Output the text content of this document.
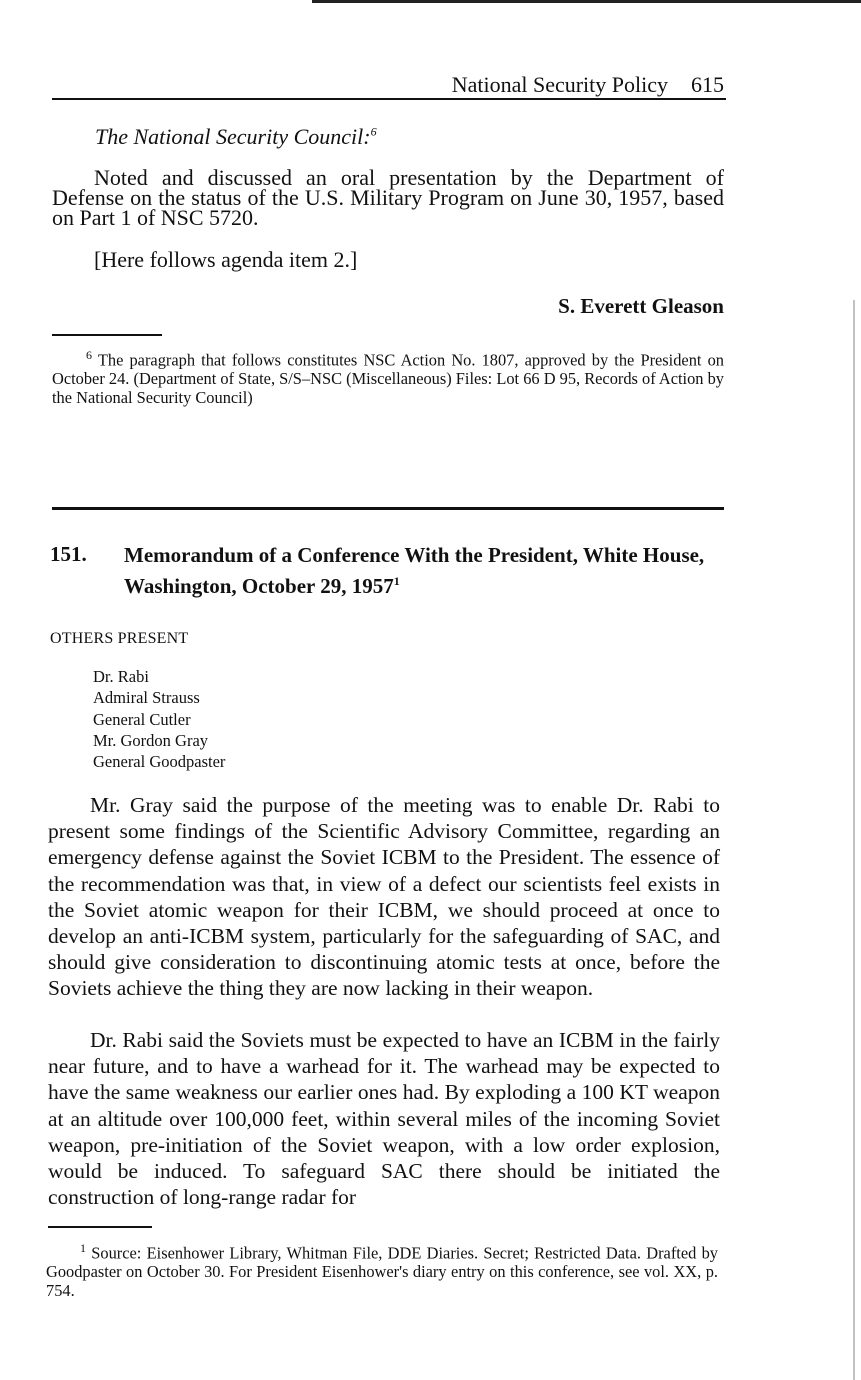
National Security Policy 615
The National Security Council:$^6$

Noted and discussed an oral presentation by the Department of Defense on the status of the U.S. Military Program on June 30, 1957, based on Part 1 of NSC 5720.

[Here follows agenda item 2.]

S. Everett Gleason

$^6$ The paragraph that follows constitutes NSC Action No. 1807, approved by the President on October 24. (Department of State, S/S–NSC (Miscellaneous) Files: Lot 66 D 95, Records of Action by the National Security Council)

151. Memorandum of a Conference With the President, White House, Washington, October 29, 1957$^1$
OTHERS PRESENT
Dr. Rabi
Admiral Strauss
General Cutler
Mr. Gordon Gray
General Goodpaster

Mr. Gray said the purpose of the meeting was to enable Dr. Rabi to present some findings of the Scientific Advisory Committee, regarding an emergency defense against the Soviet ICBM to the President. The essence of the recommendation was that, in view of a defect our scientists feel exists in the Soviet atomic weapon for their ICBM, we should proceed at once to develop an anti-ICBM system, particularly for the safeguarding of SAC, and should give consideration to discontinuing atomic tests at once, before the Soviets achieve the thing they are now lacking in their weapon.

Dr. Rabi said the Soviets must be expected to have an ICBM in the fairly near future, and to have a warhead for it. The warhead may be expected to have the same weakness our earlier ones had. By exploding a 100 KT weapon at an altitude over 100,000 feet, within several miles of the incoming Soviet weapon, pre-initiation of the Soviet weapon, with a low order explosion, would be induced. To safeguard SAC there should be initiated the construction of long-range radar for

$^1$ Source: Eisenhower Library, Whitman File, DDE Diaries. Secret; Restricted Data. Drafted by Goodpaster on October 30. For President Eisenhower's diary entry on this conference, see vol. XX, p. 754.
